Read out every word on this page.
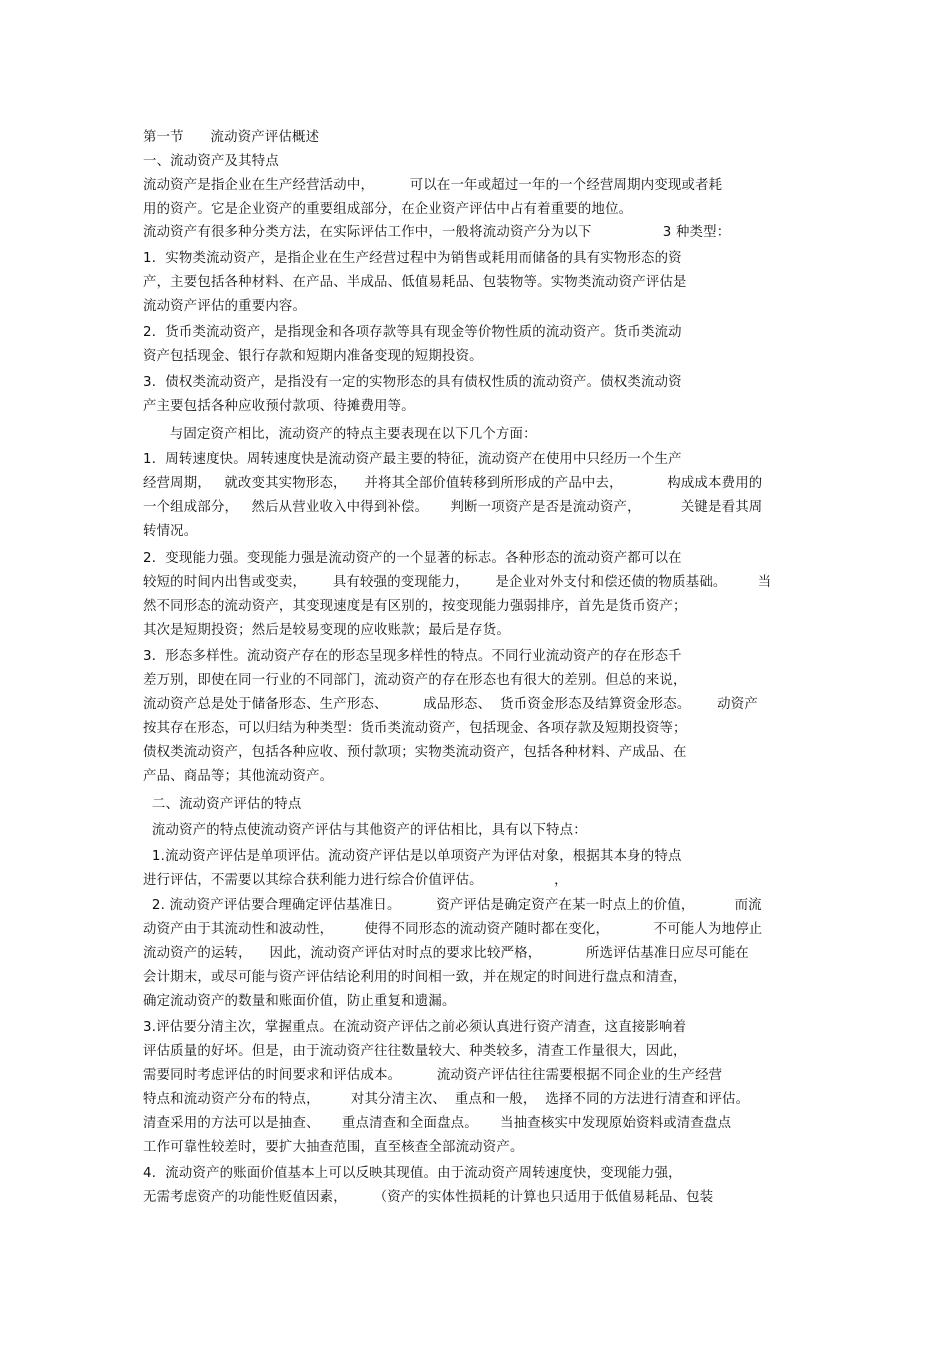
第一节      流动资产评估概述
一、流动资产及其特点
流动资产是指企业在生产经营活动中，        可以在一年或超过一年的一个经营周期内变现或者耗
用的资产。它是企业资产的重要组成部分，在企业资产评估中占有着重要的地位。
流动资产有很多种分类方法，在实际评估工作中，一般将流动资产分为以下                3 种类型：
1．实物类流动资产，是指企业在生产经营过程中为销售或耗用而储备的具有实物形态的资
产，主要包括各种材料、在产品、半成品、低值易耗品、包装物等。实物类流动资产评估是
流动资产评估的重要内容。
2．货币类流动资产，是指现金和各项存款等具有现金等价物性质的流动资产。货币类流动
资产包括现金、银行存款和短期内准备变现的短期投资。
3．债权类流动资产，是指没有一定的实物形态的具有债权性质的流动资产。债权类流动资
产主要包括各种应收预付款项、待摊费用等。
与固定资产相比，流动资产的特点主要表现在以下几个方面：
1．周转速度快。周转速度快是流动资产最主要的特征，流动资产在使用中只经历一个生产
经营周期，   就改变其实物形态，    并将其全部价值转移到所形成的产品中去，          构成成本费用的
一个组成部分，   然后从营业收入中得到补偿。     判断一项资产是否是流动资产，         关键是看其周
转情况。
2．变现能力强。变现能力强是流动资产的一个显著的标志。各种形态的流动资产都可以在
较短的时间内出售或变卖，      具有较强的变现能力，      是企业对外支付和偿还债的物质基础。       当
然不同形态的流动资产，其变现速度是有区别的，按变现能力强弱排序，首先是货币资产；
其次是短期投资；然后是较易变现的应收账款；最后是存货。
3．形态多样性。流动资产存在的形态呈现多样性的特点。不同行业流动资产的存在形态千
差万别，即使在同一行业的不同部门，流动资产的存在形态也有很大的差别。但总的来说，
流动资产总是处于储备形态、生产形态、        成品形态、  货币资金形态及结算资金形态。      动资产
按其存在形态，可以归结为种类型：货币类流动资产，包括现金、各项存款及短期投资等；
债权类流动资产，包括各种应收、预付款项；实物类流动资产，包括各种材料、产成品、在
产品、商品等；其他流动资产。
二、流动资产评估的特点
流动资产的特点使流动资产评估与其他资产的评估相比，具有以下特点：
1.流动资产评估是单项评估。流动资产评估是以单项资产为评估对象，根据其本身的特点
进行评估，不需要以其综合获利能力进行综合价值评估。                ，
2. 流动资产评估要合理确定评估基准日。        资产评估是确定资产在某一时点上的价值，         而流
动资产由于其流动性和波动性，       使得不同形态的流动资产随时都在变化，          不可能人为地停止
流动资产的运转，    因此，流动资产评估对时点的要求比较严格，          所选评估基准日应尽可能在
会计期末，或尽可能与资产评估结论利用的时间相一致，并在规定的时间进行盘点和清查，
确定流动资产的数量和账面价值，防止重复和遗漏。
3.评估要分清主次，掌握重点。在流动资产评估之前必须认真进行资产清查，这直接影响着
评估质量的好坏。但是，由于流动资产往往数量较大、种类较多，清查工作量很大，因此，
需要同时考虑评估的时间要求和评估成本。        流动资产评估往往需要根据不同企业的生产经营
特点和流动资产分布的特点，       对其分清主次、  重点和一般，  选择不同的方法进行清查和评估。
清查采用的方法可以是抽查、     重点清查和全面盘点。     当抽查核实中发现原始资料或清查盘点
工作可靠性较差时，要扩大抽查范围，直至核查全部流动资产。
4．流动资产的账面价值基本上可以反映其现值。由于流动资产周转速度快，变现能力强，
无需考虑资产的功能性贬值因素，      （资产的实体性损耗的计算也只适用于低值易耗品、包装
